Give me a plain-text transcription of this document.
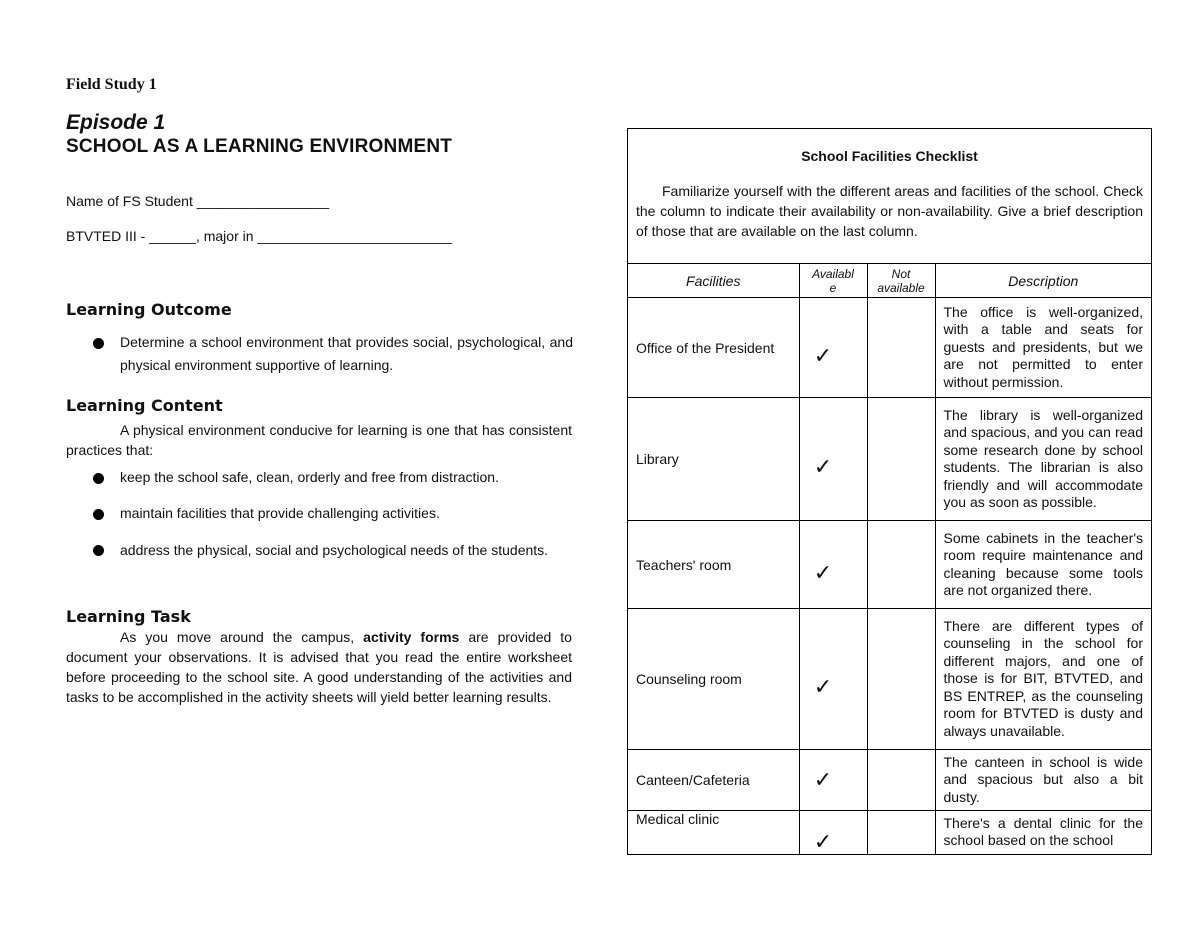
Field Study 1
Episode 1
SCHOOL AS A LEARNING ENVIRONMENT
Name of FS Student _________________
BTVTED III - ______, major in _________________________
Learning Outcome
Determine a school environment that provides social, psychological, and physical environment supportive of learning.
Learning Content
A physical environment conducive for learning is one that has consistent practices that:
keep the school safe, clean, orderly and free from distraction.
maintain facilities that provide challenging activities.
address the physical, social and psychological needs of the students.
Learning Task
As you move around the campus, activity forms are provided to document your observations. It is advised that you read the entire worksheet before proceeding to the school site. A good understanding of the activities and tasks to be accomplished in the activity sheets will yield better learning results.
School Facilities Checklist
Familiarize yourself with the different areas and facilities of the school. Check the column to indicate their availability or non-availability. Give a brief description of those that are available on the last column.
Facilities	Availabl e	Not available	Description
Office of the President	✓		The office is well-organized, with a table and seats for guests and presidents, but we are not permitted to enter without permission.
Library	✓		The library is well-organized and spacious, and you can read some research done by school students. The librarian is also friendly and will accommodate you as soon as possible.
Teachers' room	✓		Some cabinets in the teacher's room require maintenance and cleaning because some tools are not organized there.
Counseling room	✓		There are different types of counseling in the school for different majors, and one of those is for BIT, BTVTED, and BS ENTREP, as the counseling room for BTVTED is dusty and always unavailable.
Canteen/Cafeteria	✓		The canteen in school is wide and spacious but also a bit dusty.
Medical clinic	✓		There's a dental clinic for the school based on the school
